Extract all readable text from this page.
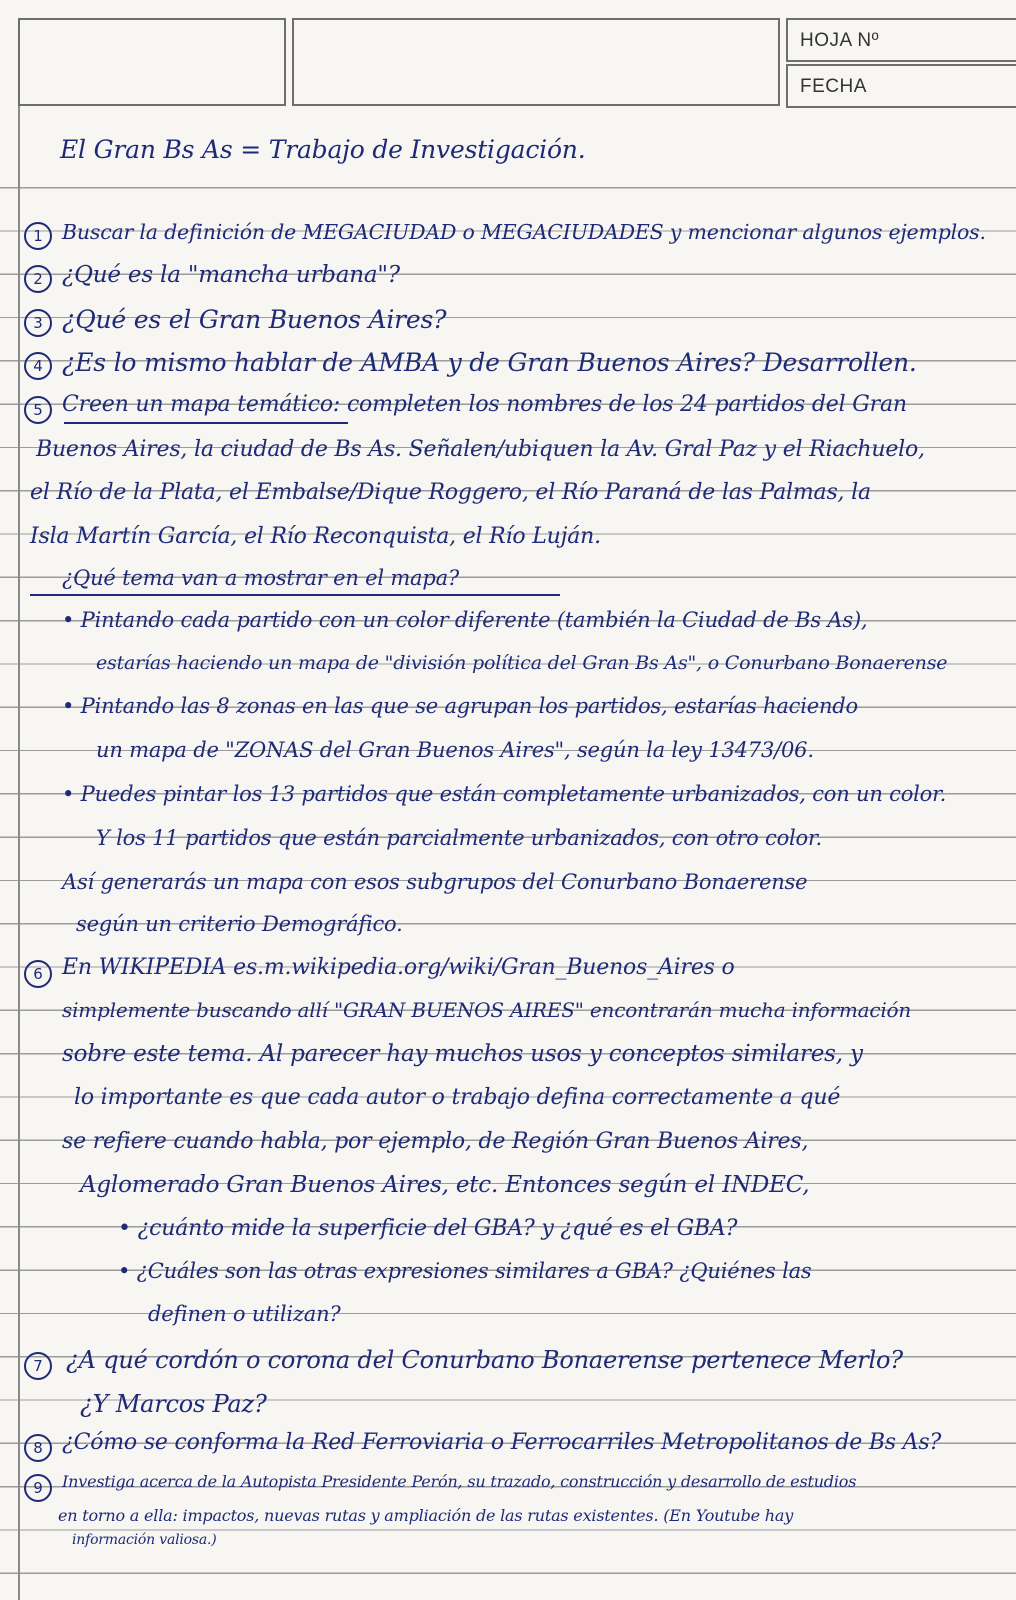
HOJA Nº
FECHA
El Gran Bs As = Trabajo de Investigación.
1 Buscar la definición de MEGACIUDAD o MEGACIUDADES y mencionar algunos ejemplos.
2 ¿Qué es la "mancha urbana"?
3 ¿Qué es el Gran Buenos Aires?
4 ¿Es lo mismo hablar de AMBA y de Gran Buenos Aires? Desarrollen.
5 Creen un mapa temático: completen los nombres de los 24 partidos del Gran
Buenos Aires, la ciudad de Bs As. Señalen/ubiquen la Av. Gral Paz y el Riachuelo,
el Río de la Plata, el Embalse/Dique Roggero, el Río Paraná de las Palmas, la
Isla Martín García, el Río Reconquista, el Río Luján.
¿Qué tema van a mostrar en el mapa?
• Pintando cada partido con un color diferente (también la Ciudad de Bs As),
estarías haciendo un mapa de "división política del Gran Bs As", o Conurbano Bonaerense
• Pintando las 8 zonas en las que se agrupan los partidos, estarías haciendo
un mapa de "ZONAS del Gran Buenos Aires", según la ley 13473/06.
• Puedes pintar los 13 partidos que están completamente urbanizados, con un color.
Y los 11 partidos que están parcialmente urbanizados, con otro color.
Así generarás un mapa con esos subgrupos del Conurbano Bonaerense
según un criterio Demográfico.
6 En WIKIPEDIA es.m.wikipedia.org/wiki/Gran_Buenos_Aires o
simplemente buscando allí "GRAN BUENOS AIRES" encontrarán mucha información
sobre este tema. Al parecer hay muchos usos y conceptos similares, y
lo importante es que cada autor o trabajo defina correctamente a qué
se refiere cuando habla, por ejemplo, de Región Gran Buenos Aires,
Aglomerado Gran Buenos Aires, etc. Entonces según el INDEC,
• ¿cuánto mide la superficie del GBA? y ¿qué es el GBA?
• ¿Cuáles son las otras expresiones similares a GBA? ¿Quiénes las
definen o utilizan?
7 ¿A qué cordón o corona del Conurbano Bonaerense pertenece Merlo?
¿Y Marcos Paz?
8 ¿Cómo se conforma la Red Ferroviaria o Ferrocarriles Metropolitanos de Bs As?
9	Investiga acerca de la Autopista Presidente Perón, su trazado, construcción y desarrollo de estudios
en torno a ella: impactos, nuevas rutas y ampliación de las rutas existentes. (En Youtube hay
información valiosa.)
